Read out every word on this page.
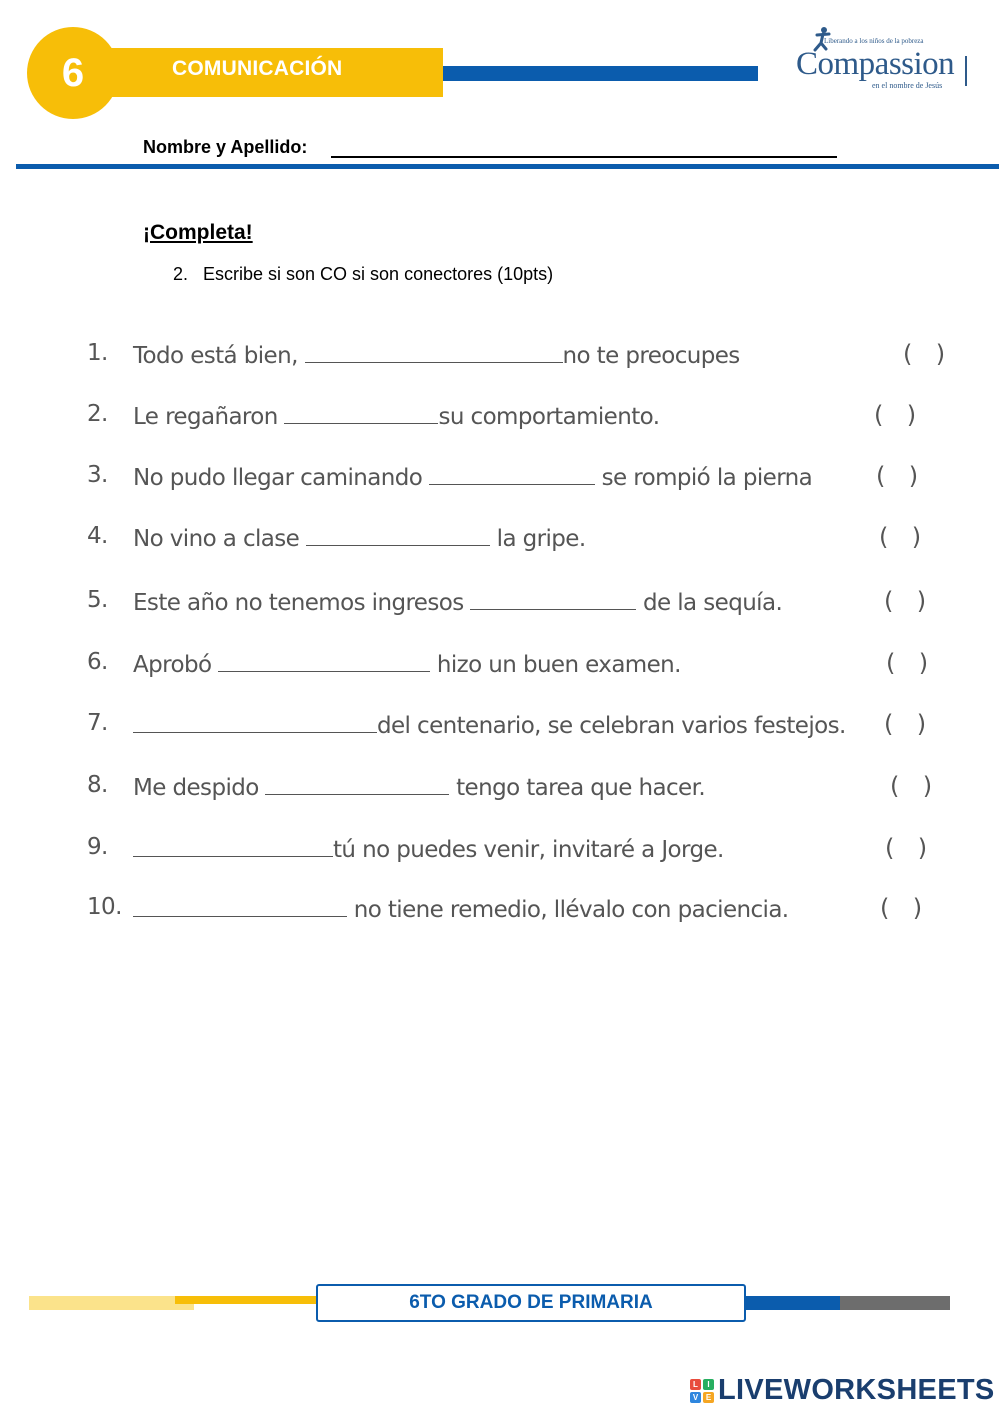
6	COMUNICACIÓN
Liberando a los niños de la pobreza
Compassion
en el nombre de Jesús
Nombre y Apellido:
¡Completa!
2. Escribe si son CO si son conectores (10pts)
1. Todo está bien,	no te preocupes	( )
2. Le regañaron	su comportamiento.	( )
3. No pudo llegar caminando	se rompió la pierna	( )
4. No vino a clase	la gripe.	( )
5. Este año no tenemos ingresos	de la sequía.	( )
6. Aprobó	hizo un buen examen.	( )
7.	del centenario, se celebran varios festejos. ( )
8. Me despido	tengo tarea que hacer.	( )
9.	tú no puedes venir, invitaré a Jorge.	( )
10.	no tiene remedio, llévalo con paciencia.	( )
6TO GRADO DE PRIMARIA
L	I
V E LIVEWORKSHEETS
